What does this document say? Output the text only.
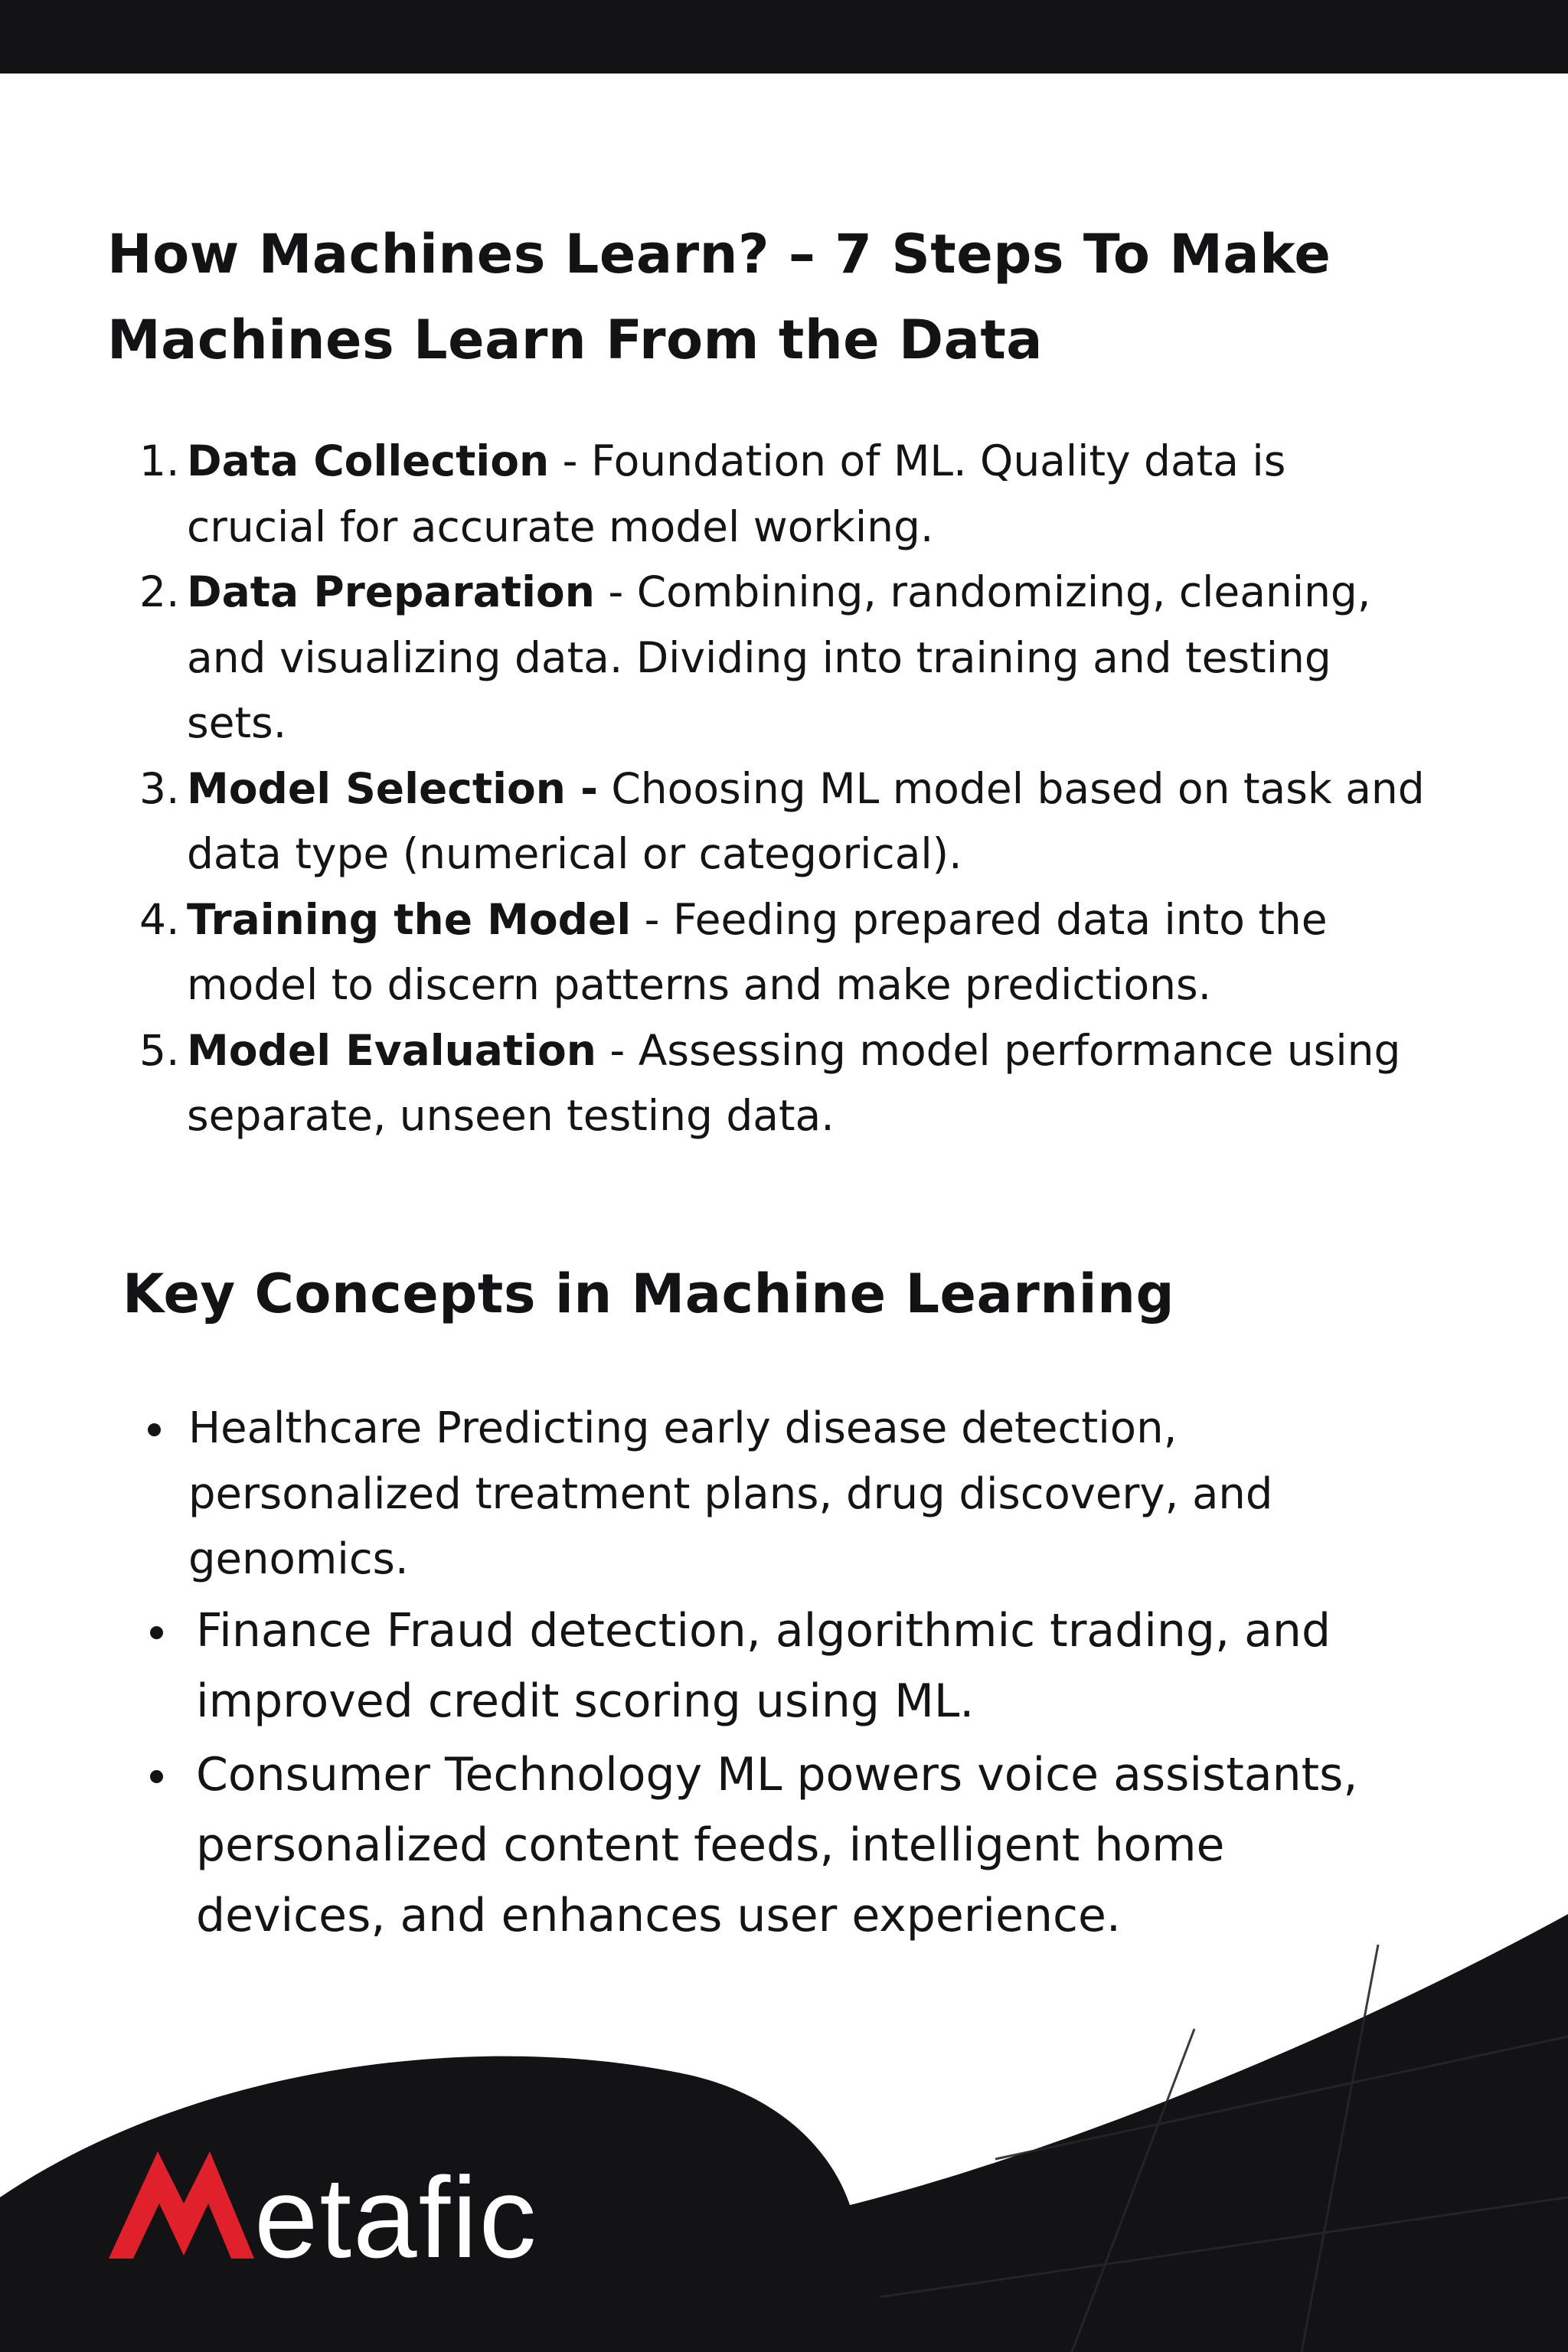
How Machines Learn? – 7 Steps To Make
Machines Learn From the Data
1. Data Collection - Foundation of ML. Quality data is crucial for accurate model working.
2. Data Preparation - Combining, randomizing, cleaning, and visualizing data. Dividing into training and testing sets.
3. Model Selection - Choosing ML model based on task and data type (numerical or categorical).
4. Training the Model - Feeding prepared data into the model to discern patterns and make predictions.
5. Model Evaluation - Assessing model performance using separate, unseen testing data.
Key Concepts in Machine Learning
Healthcare Predicting early disease detection, personalized treatment plans, drug discovery, and genomics.
Finance Fraud detection, algorithmic trading, and improved credit scoring using ML.
Consumer Technology ML powers voice assistants, personalized content feeds, intelligent home devices, and enhances user experience.
etafic
